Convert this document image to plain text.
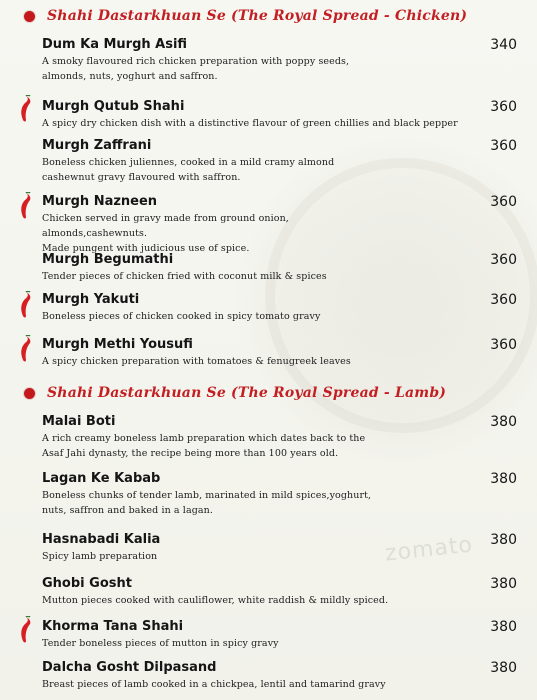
zomato
Shahi Dastarkhuan Se (The Royal Spread - Chicken)
Dum Ka Murgh Asifi
A smoky flavoured rich chicken preparation with poppy seeds,
almonds, nuts, yoghurt and saffron.
340
Murgh Qutub Shahi
A spicy dry chicken dish with a distinctive flavour of green chillies and black pepper
360
Murgh Zaffrani
Boneless chicken juliennes, cooked in a mild cramy almond
cashewnut gravy flavoured with saffron.
360
Murgh Nazneen
Chicken served in gravy made from ground onion, almonds,cashewnuts.
Made pungent with judicious use of spice.
360
Murgh Begumathi
Tender pieces of chicken fried with coconut milk & spices
360
Murgh Yakuti
Boneless pieces of chicken cooked in spicy tomato gravy
360
Murgh Methi Yousufi
A spicy chicken preparation with tomatoes & fenugreek leaves
360
Shahi Dastarkhuan Se (The Royal Spread - Lamb)
Malai Boti
A rich creamy boneless lamb preparation which dates back to the
Asaf Jahi dynasty, the recipe being more than 100 years old.
380
Lagan Ke Kabab
Boneless chunks of tender lamb, marinated in mild spices,yoghurt,
nuts, saffron and baked in a lagan.
380
Hasnabadi Kalia
Spicy lamb preparation
380
Ghobi Gosht
Mutton pieces cooked with cauliflower, white raddish & mildly spiced.
380
Khorma Tana Shahi
Tender boneless pieces of mutton in spicy gravy
380
Dalcha Gosht Dilpasand
Breast pieces of lamb cooked in a chickpea, lentil and tamarind gravy
380
